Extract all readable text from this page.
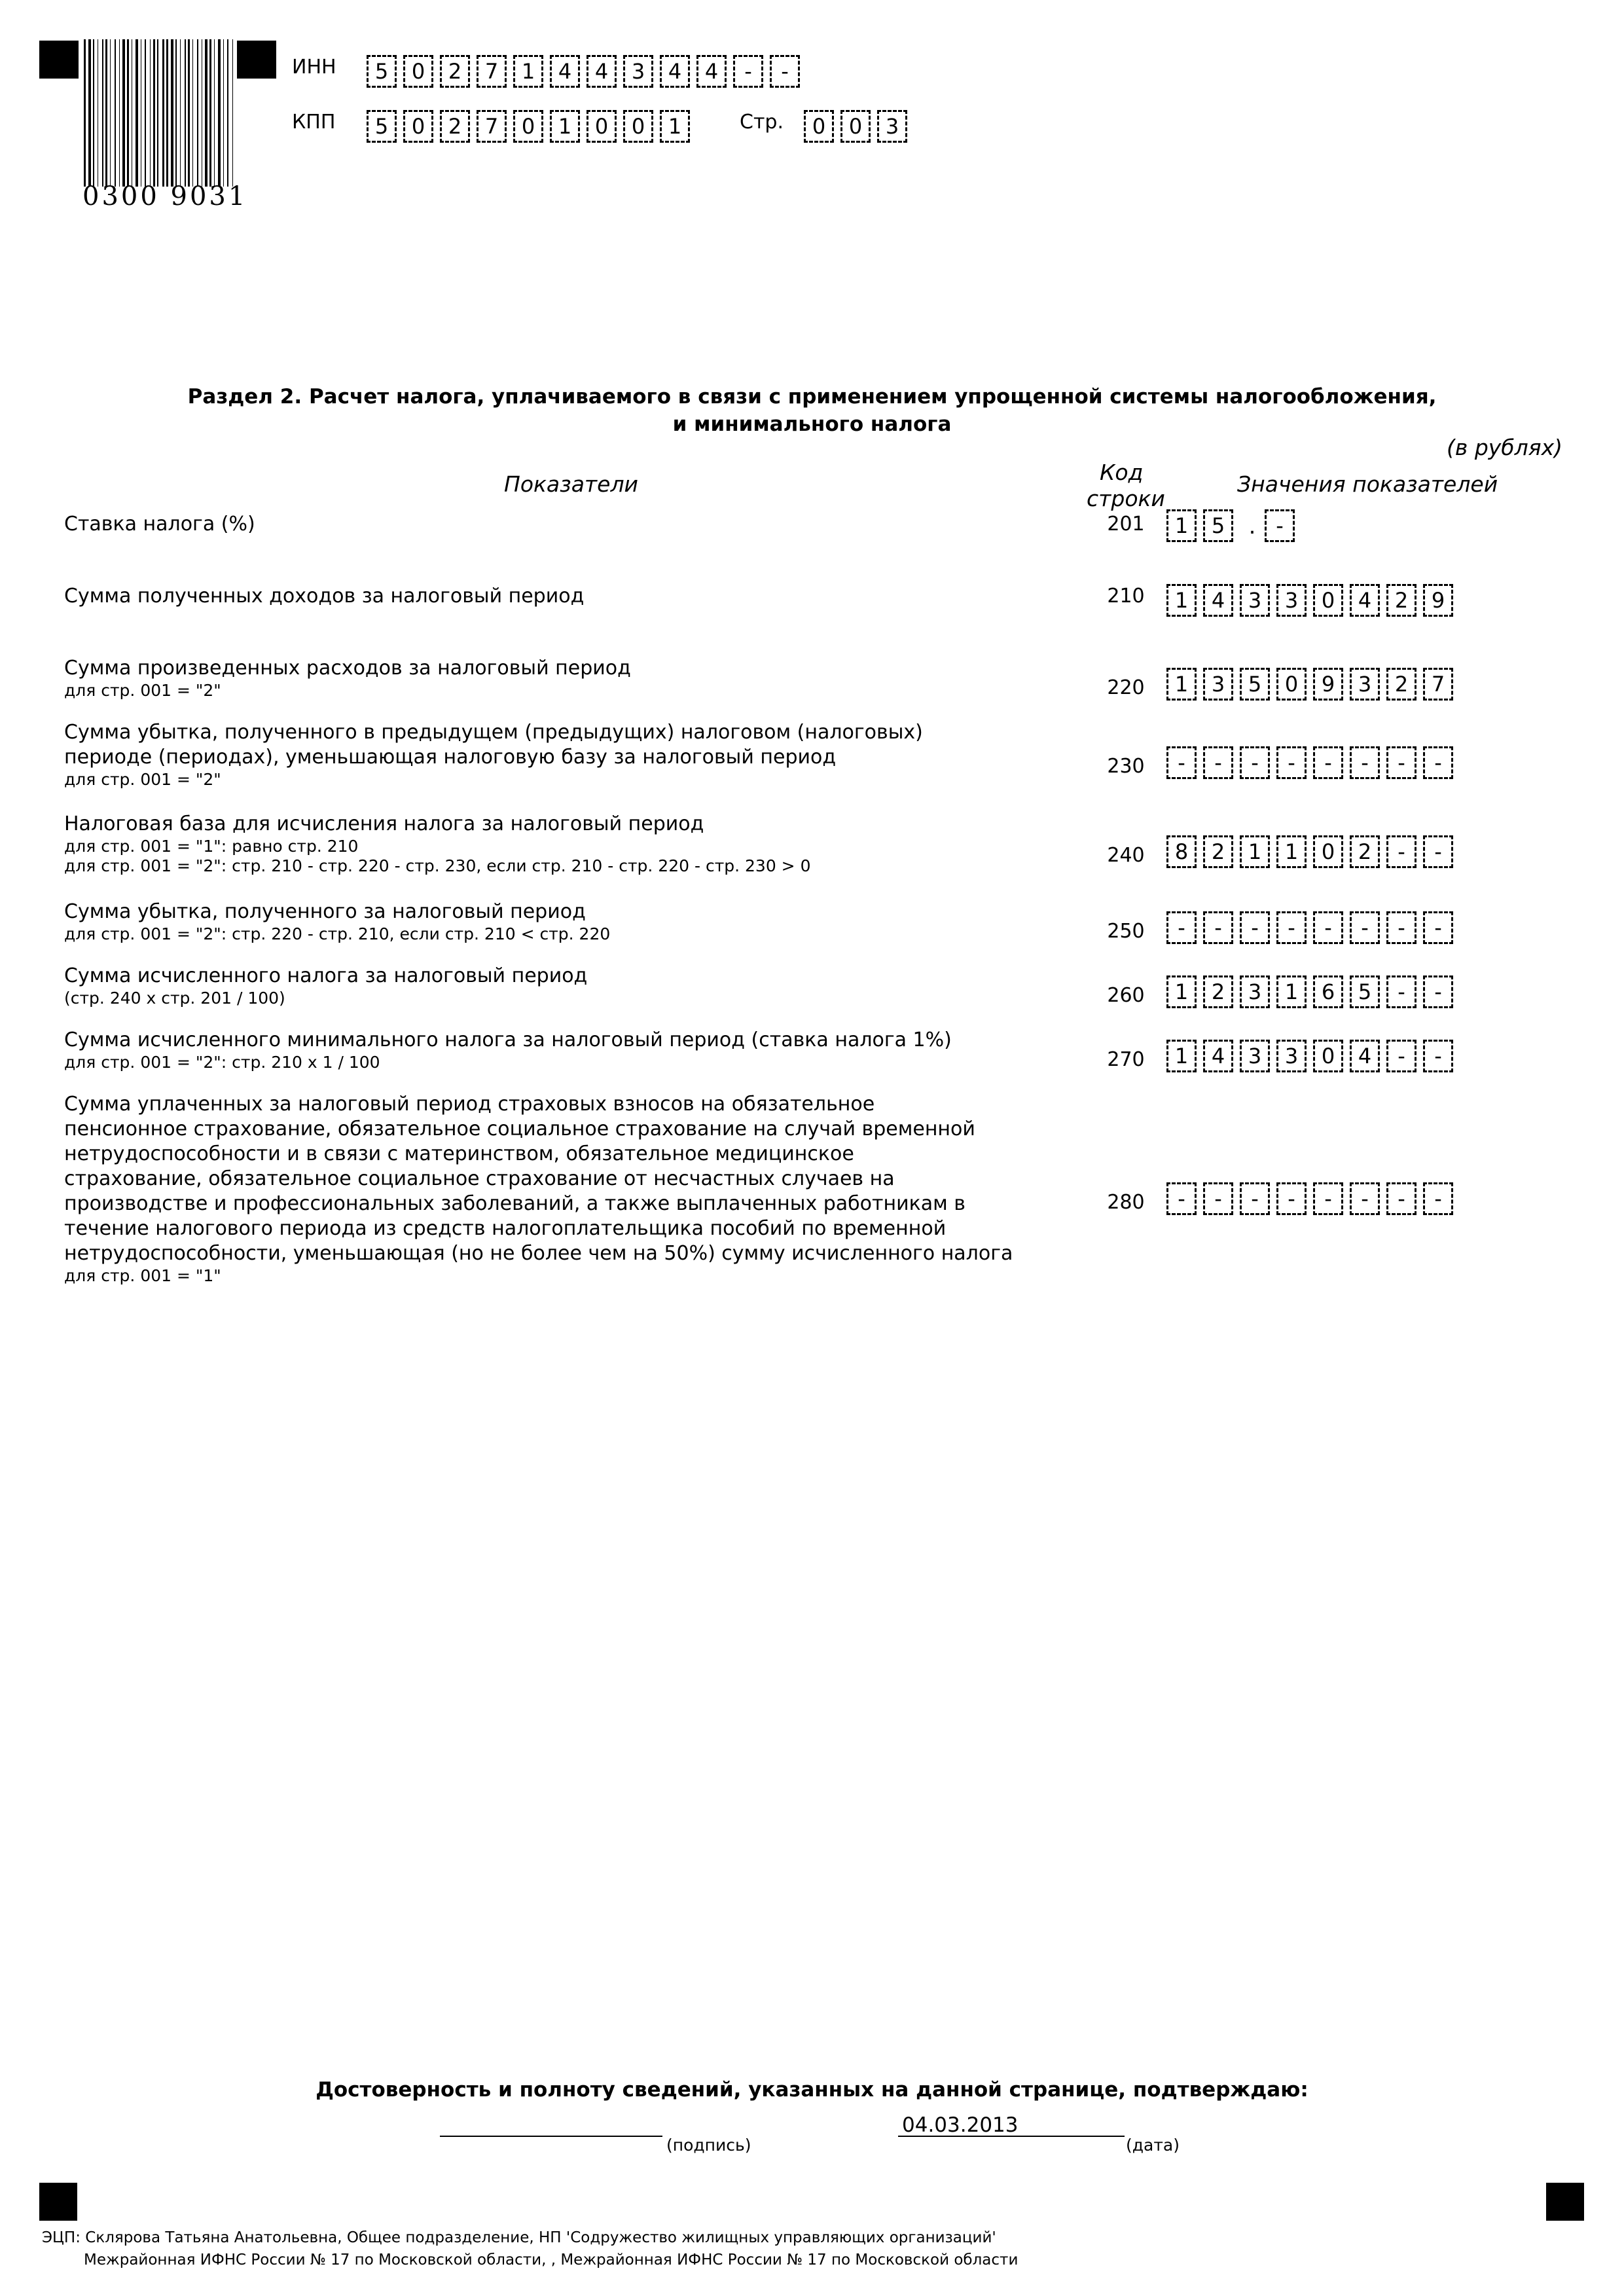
0300 9031
ИНН	5	0	2	7	1	4	4	3	4	4	-	-
КПП	5	0	2	7	0	1	0	0	1	Стр.	0	0	3
Раздел 2. Расчет налога, уплачиваемого в связи с применением упрощенной системы налогообложения,
и минимального налога
(в рублях)
Показатели	Код
строки
Значения показателей
Ставка налога (%)	201	1	5	. -
Сумма полученных доходов за налоговый период	210	1	4	3	3	0	4	2	9
Сумма произведенных расходов за налоговый период
для стр. 001 = "2"	220	1	3	5	0	9	3	2	7
Сумма убытка, полученного в предыдущем (предыдущих) налоговом (налоговых)
периоде (периодах), уменьшающая налоговую базу за налоговый период
для стр. 001 = "2"
230	-	-	-	-	-	-	-	-
Налоговая база для исчисления налога за налоговый период
для стр. 001 = "1": равно стр. 210
для стр. 001 = "2": стр. 210 - стр. 220 - стр. 230, если стр. 210 - стр. 220 - стр. 230 > 0	240	8	2	1	1	0	2	-	-
Сумма убытка, полученного за налоговый период
для стр. 001 = "2": стр. 220 - стр. 210, если стр. 210 < стр. 220	250	-	-	-	-	-	-	-	-
Сумма исчисленного налога за налоговый период
(стр. 240 х стр. 201 / 100)	260	1	2	3	1	6	5	-	-
Сумма исчисленного минимального налога за налоговый период (ставка налога 1%)
для стр. 001 = "2": стр. 210 х 1 / 100	270	1	4	3	3	0	4	-	-
Сумма уплаченных за налоговый период страховых взносов на обязательное
пенсионное страхование, обязательное социальное страхование на случай временной
нетрудоспособности и в связи с материнством, обязательное медицинское
страхование, обязательное социальное страхование от несчастных случаев на
производстве и профессиональных заболеваний, а также выплаченных работникам в
течение налогового периода из средств налогоплательщика пособий по временной
нетрудоспособности, уменьшающая (но не более чем на 50%) сумму исчисленного налога
для стр. 001 = "1"
280	-	-	-	-	-	-	-	-
Достоверность и полноту сведений, указанных на данной странице, подтверждаю:
(подпись)
04.03.2013
(дата)
ЭЦП: Склярова Татьяна Анатольевна, Общее подразделение, НП 'Содружество жилищных управляющих организаций'
Межрайонная ИФНС России № 17 по Московской области, , Межрайонная ИФНС России № 17 по Московской области
